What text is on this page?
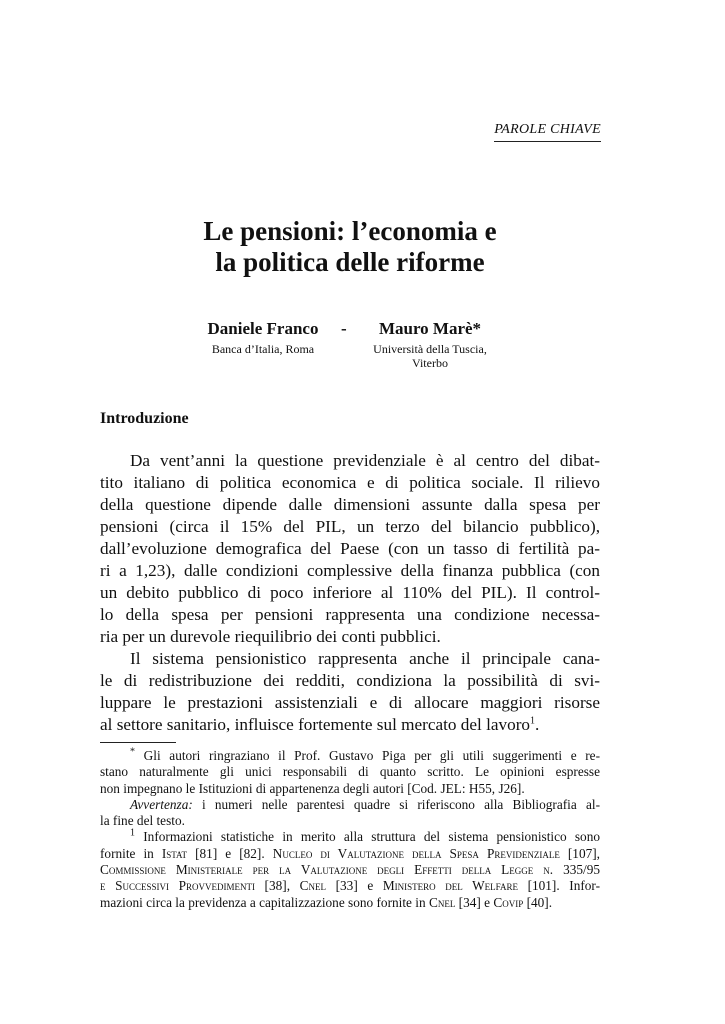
PAROLE CHIAVE
Le pensioni: l’economia e
la politica delle riforme
Daniele Franco
Banca d’Italia, Roma
-	Mauro Marè*
Università della Tuscia,
Viterbo
Introduzione
Da vent’anni la questione previdenziale è al centro del dibat-
tito italiano di politica economica e di politica sociale. Il rilievo
della questione dipende dalle dimensioni assunte dalla spesa per
pensioni (circa il 15% del PIL, un terzo del bilancio pubblico),
dall’evoluzione demografica del Paese (con un tasso di fertilità pa-
ri a 1,23), dalle condizioni complessive della finanza pubblica (con
un debito pubblico di poco inferiore al 110% del PIL). Il control-
lo della spesa per pensioni rappresenta una condizione necessa-
ria per un durevole riequilibrio dei conti pubblici.
Il sistema pensionistico rappresenta anche il principale cana-
le di redistribuzione dei redditi, condiziona la possibilità di svi-
luppare le prestazioni assistenziali e di allocare maggiori risorse
al settore sanitario, influisce fortemente sul mercato del lavoro$^1$.
* Gli autori ringraziano il Prof. Gustavo Piga per gli utili suggerimenti e re-
stano naturalmente gli unici responsabili di quanto scritto. Le opinioni espresse
non impegnano le Istituzioni di appartenenza degli autori [Cod. JEL: H55, J26].
Avvertenza: i numeri nelle parentesi quadre si riferiscono alla Bibliografia al-
la fine del testo.
$^1$ Informazioni statistiche in merito alla struttura del sistema pensionistico sono
fornite in Istat [81] e [82]. Nucleo di Valutazione della Spesa Previdenziale [107],
Commissione Ministeriale per la Valutazione degli Effetti della Legge n. 335/95
e Successivi Provvedimenti [38], Cnel [33] e Ministero del Welfare [101]. Infor-
mazioni circa la previdenza a capitalizzazione sono fornite in Cnel [34] e Covip [40].
